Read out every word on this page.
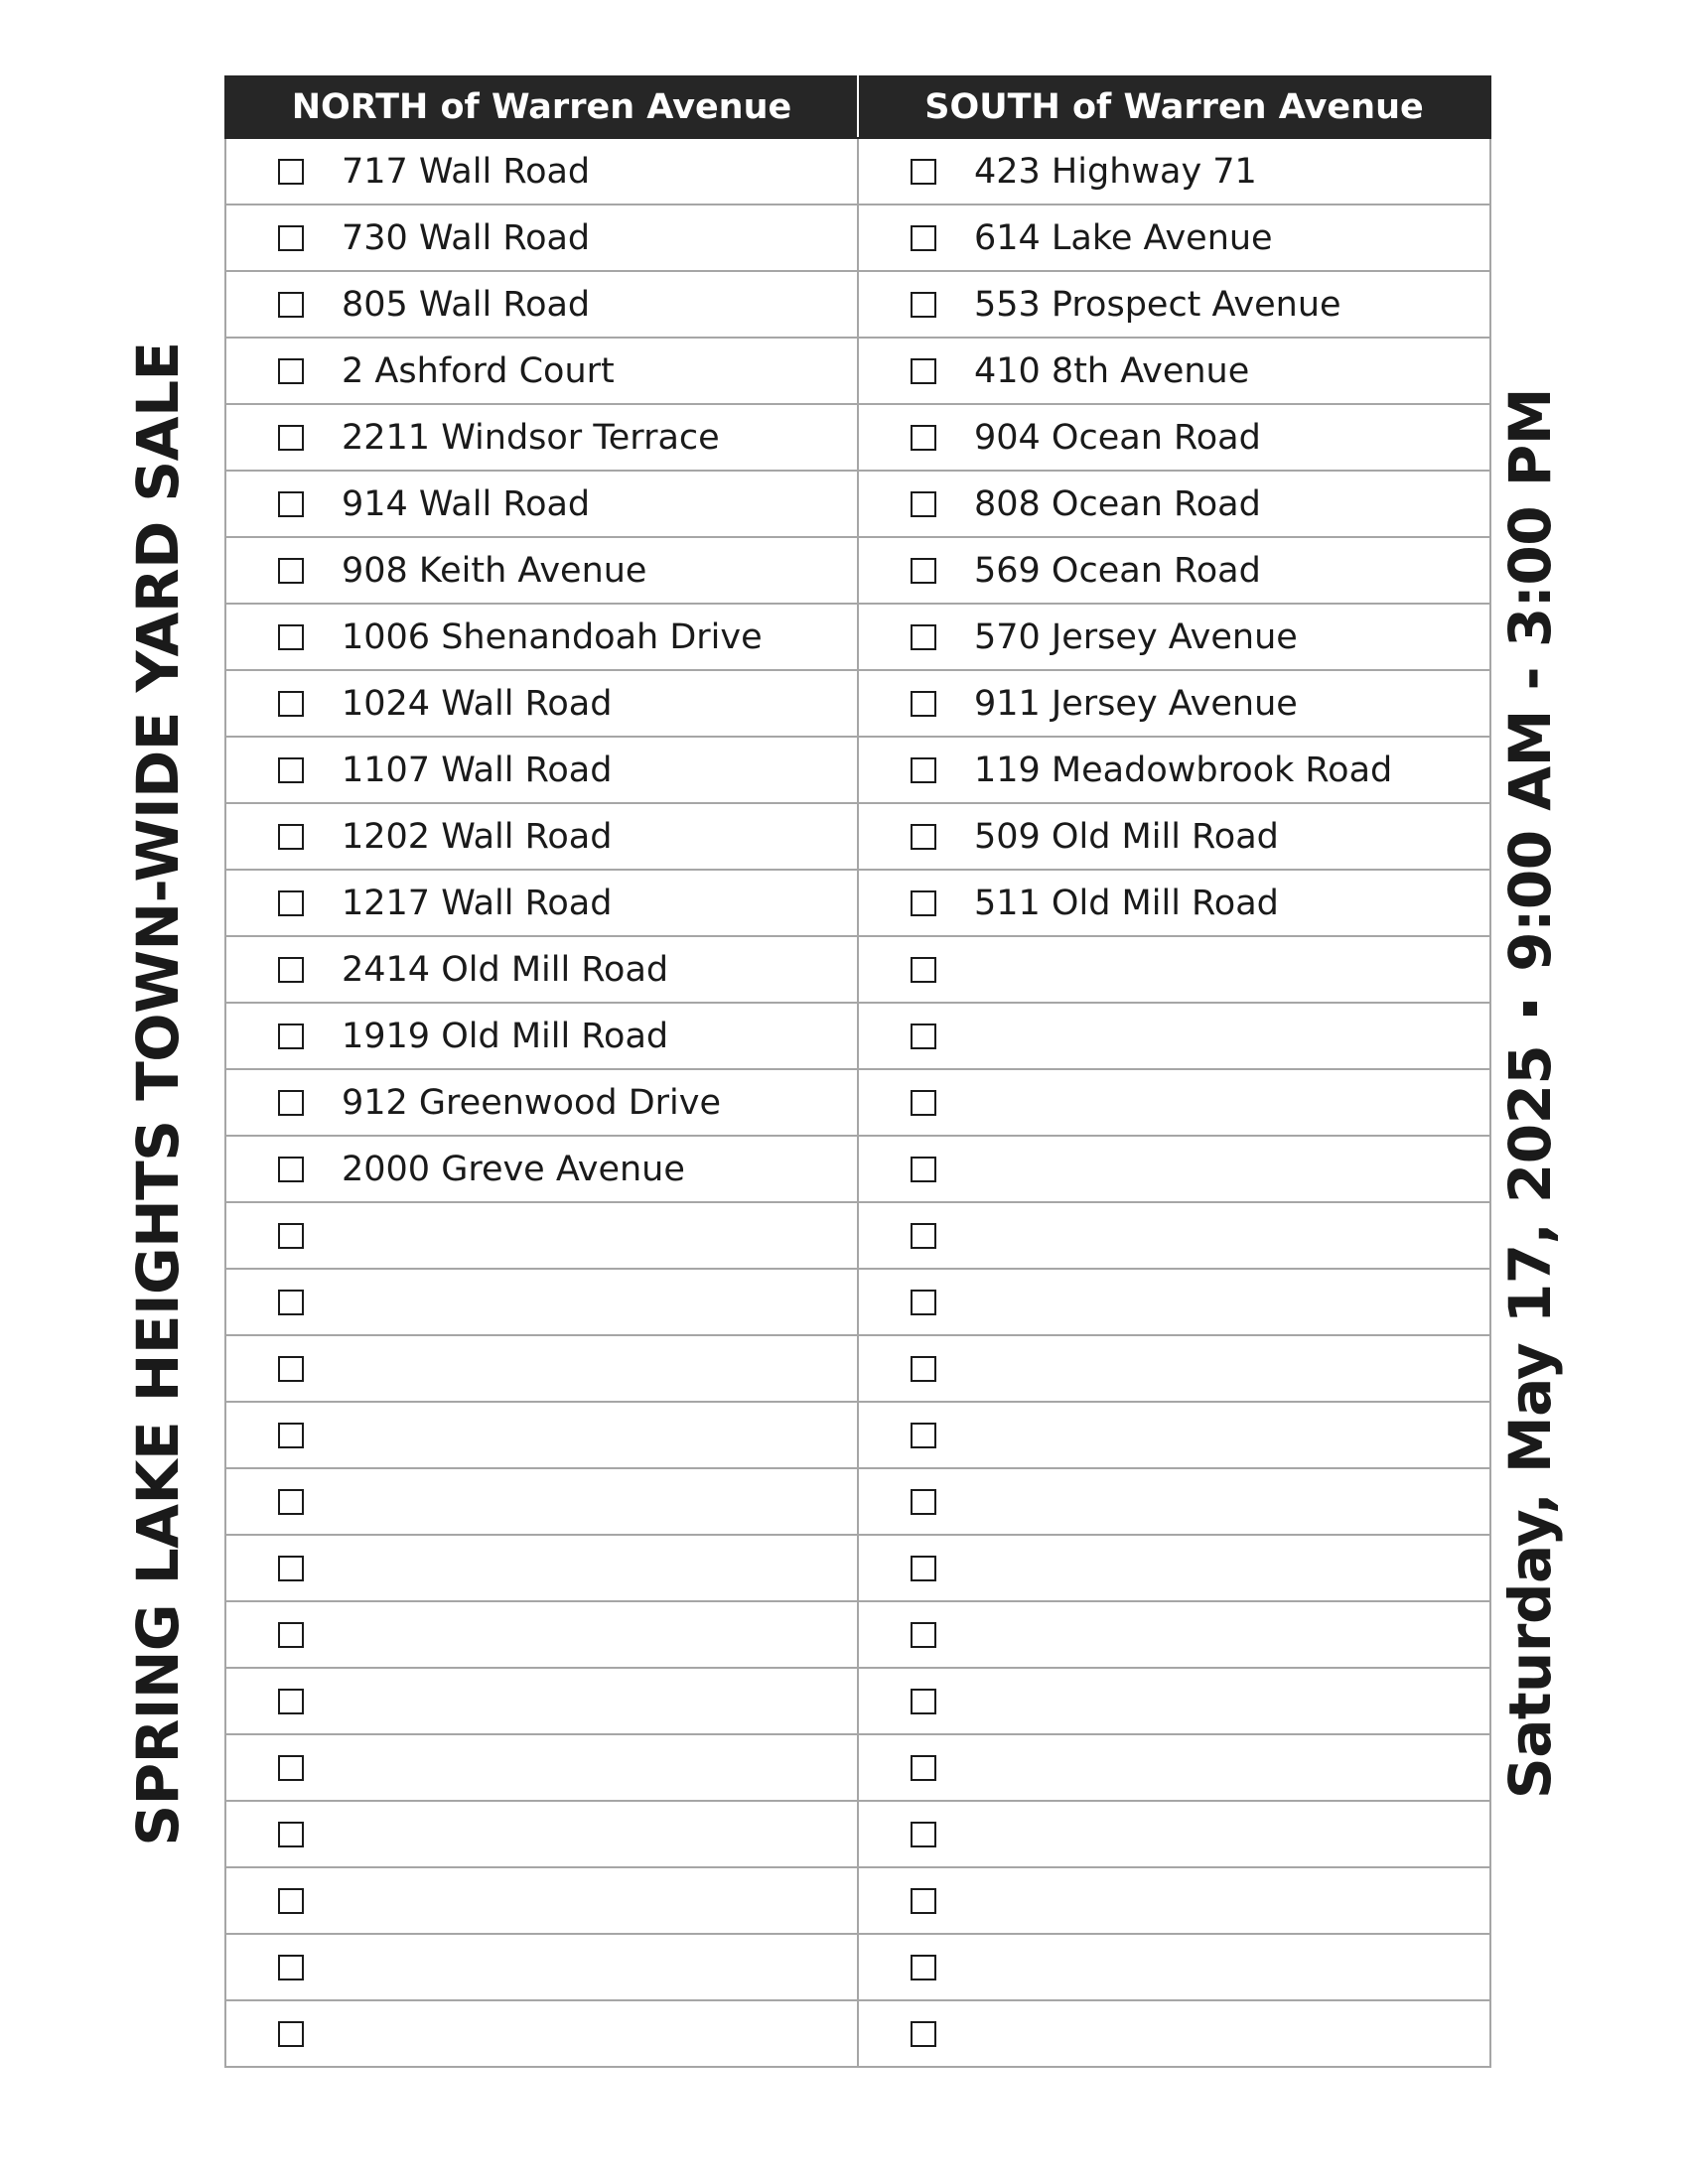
SPRING LAKE HEIGHTS TOWN-WIDE YARD SALE	Saturday, May 17, 20259:00 AM - 3:00 PM
NORTH of Warren Avenue	SOUTH of Warren Avenue

717 Wall Road	423 Highway 71

730 Wall Road	614 Lake Avenue

805 Wall Road	553 Prospect Avenue

2 Ashford Court	410 8th Avenue

2211 Windsor Terrace	904 Ocean Road

914 Wall Road	808 Ocean Road

908 Keith Avenue	569 Ocean Road

1006 Shenandoah Drive	570 Jersey Avenue

1024 Wall Road	911 Jersey Avenue

1107 Wall Road	119 Meadowbrook Road

1202 Wall Road	509 Old Mill Road

1217 Wall Road	511 Old Mill Road

2414 Old Mill Road	

1919 Old Mill Road	

912 Greenwood Drive	

2000 Greve Avenue	
